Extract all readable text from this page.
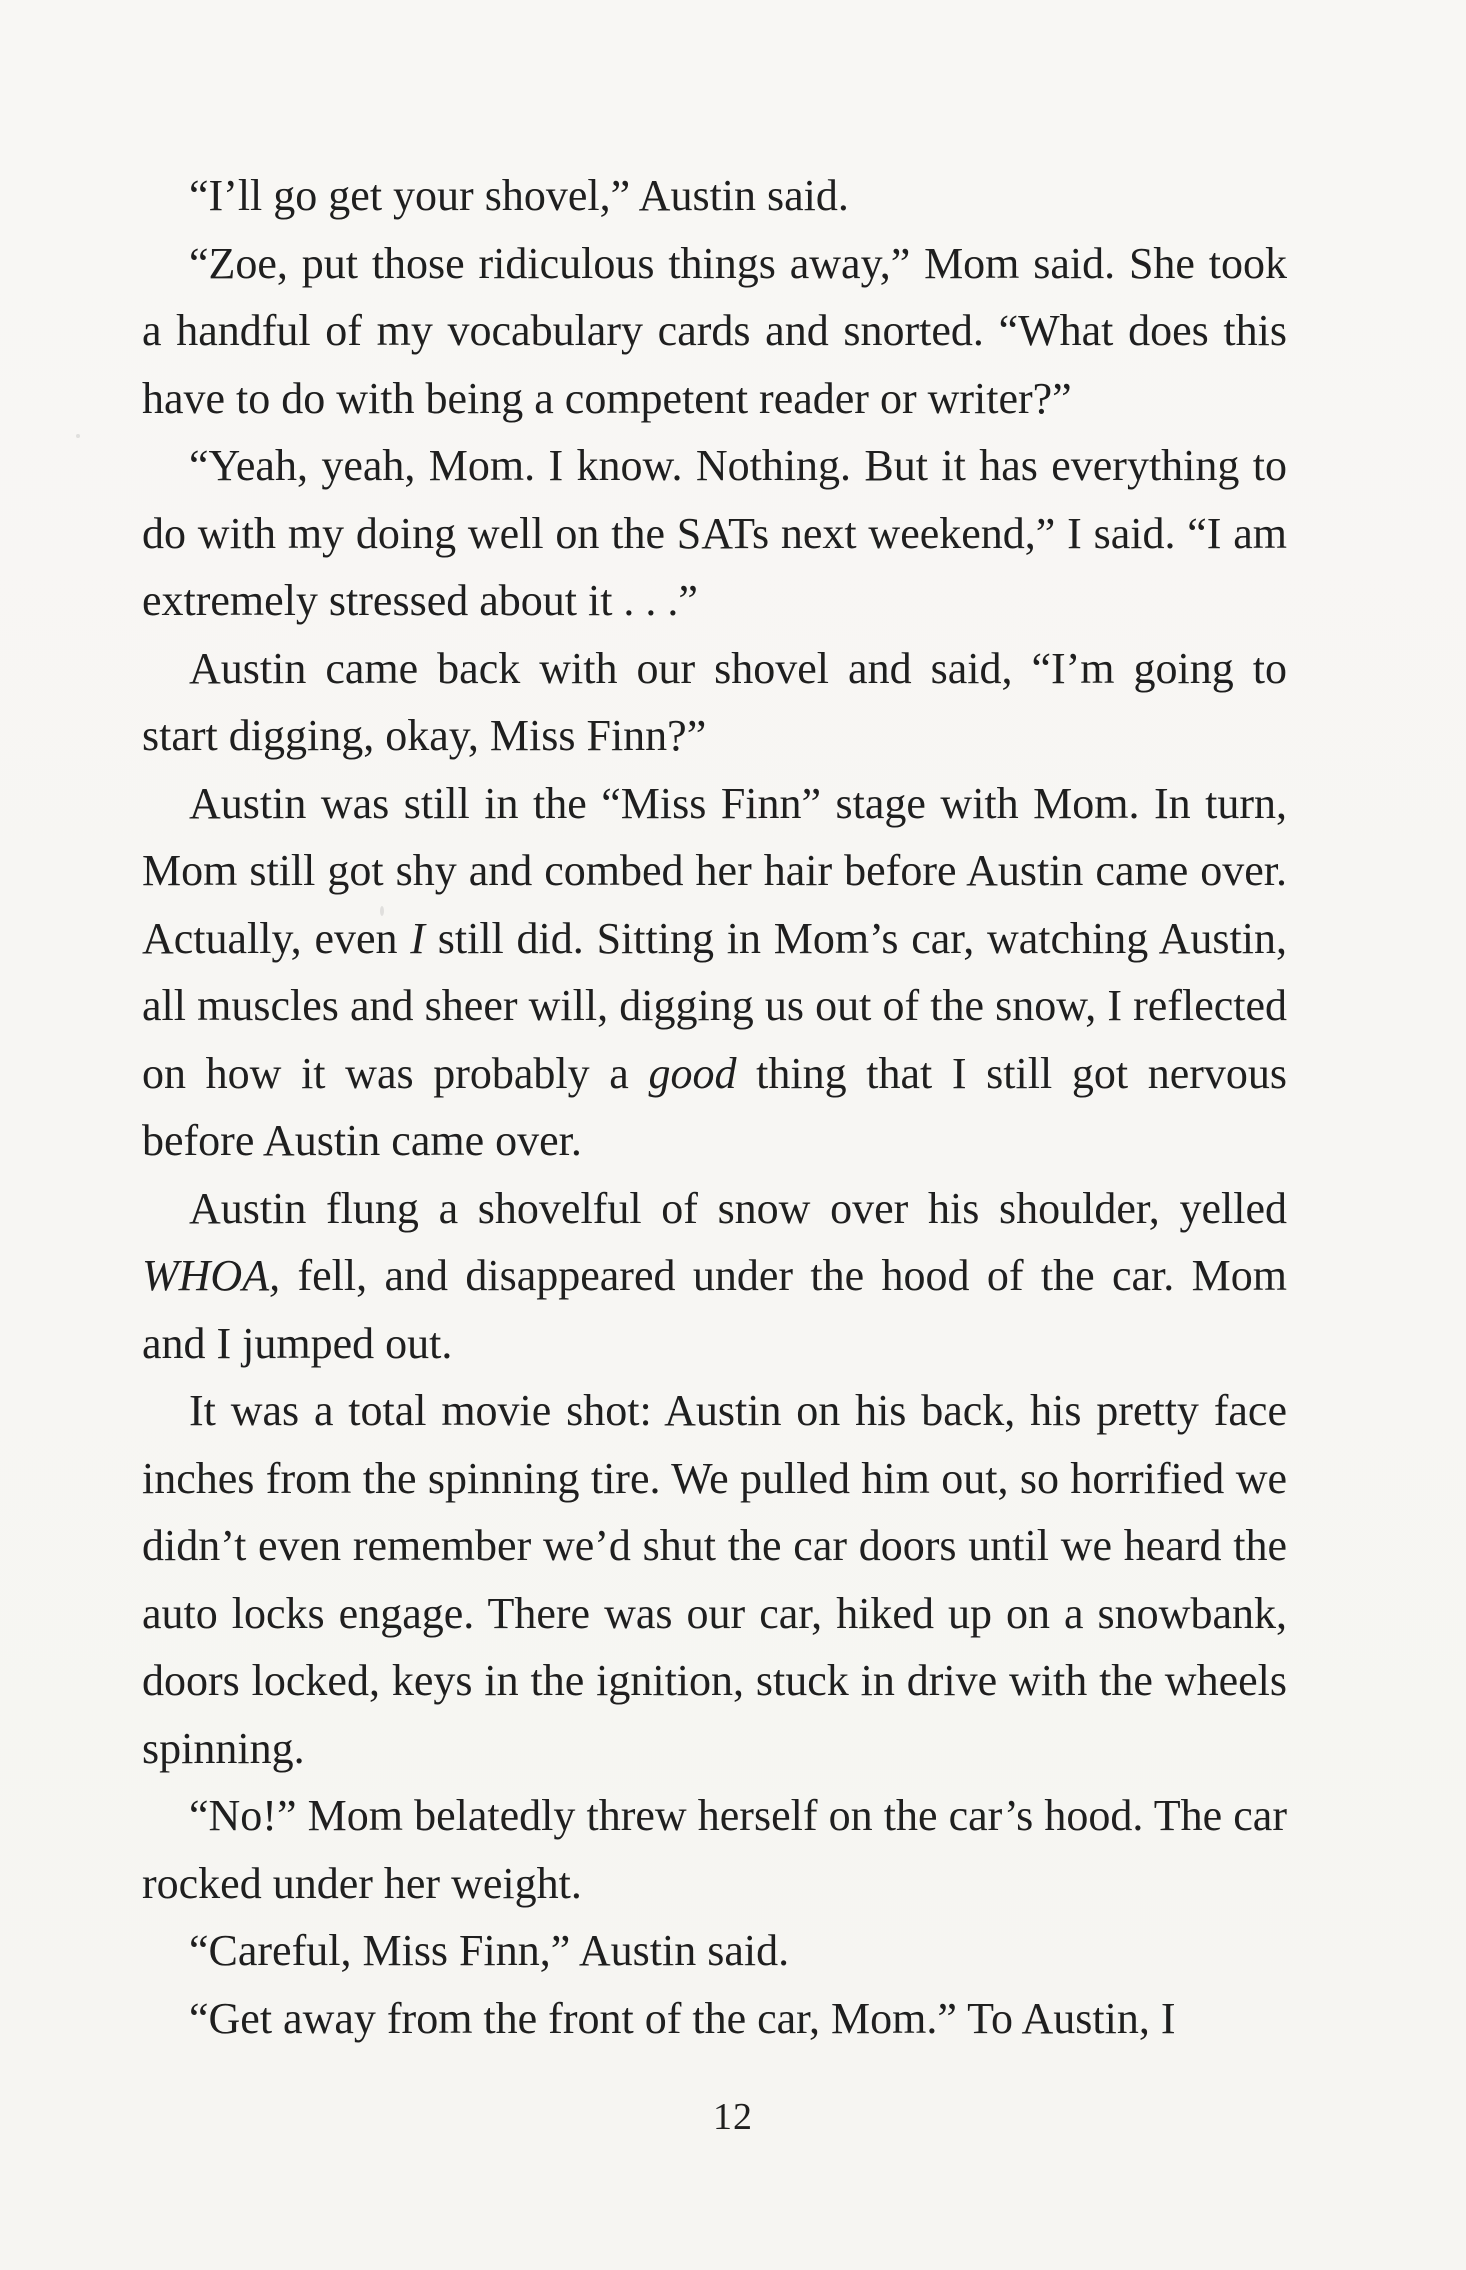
“I’ll go get your shovel,” Austin said.

“Zoe, put those ridiculous things away,” Mom said. She took a handful of my vocabulary cards and snorted. “What does this have to do with being a competent reader or writer?”

“Yeah, yeah, Mom. I know. Nothing. But it has everything to do with my doing well on the SATs next weekend,” I said. “I am extremely stressed about it . . .”

Austin came back with our shovel and said, “I’m going to start digging, okay, Miss Finn?”

Austin was still in the “Miss Finn” stage with Mom. In turn, Mom still got shy and combed her hair before Austin came over. Actually, even I still did. Sitting in Mom’s car, watching Austin, all muscles and sheer will, digging us out of the snow, I reflected on how it was probably a good thing that I still got nervous before Austin came over.

Austin flung a shovelful of snow over his shoulder, yelled WHOA, fell, and disappeared under the hood of the car. Mom and I jumped out.

It was a total movie shot: Austin on his back, his pretty face inches from the spinning tire. We pulled him out, so horrified we didn’t even remember we’d shut the car doors until we heard the auto locks engage. There was our car, hiked up on a snowbank, doors locked, keys in the ignition, stuck in drive with the wheels spinning.

“No!” Mom belatedly threw herself on the car’s hood. The car rocked under her weight.

“Careful, Miss Finn,” Austin said.

“Get away from the front of the car, Mom.” To Austin, I

12
